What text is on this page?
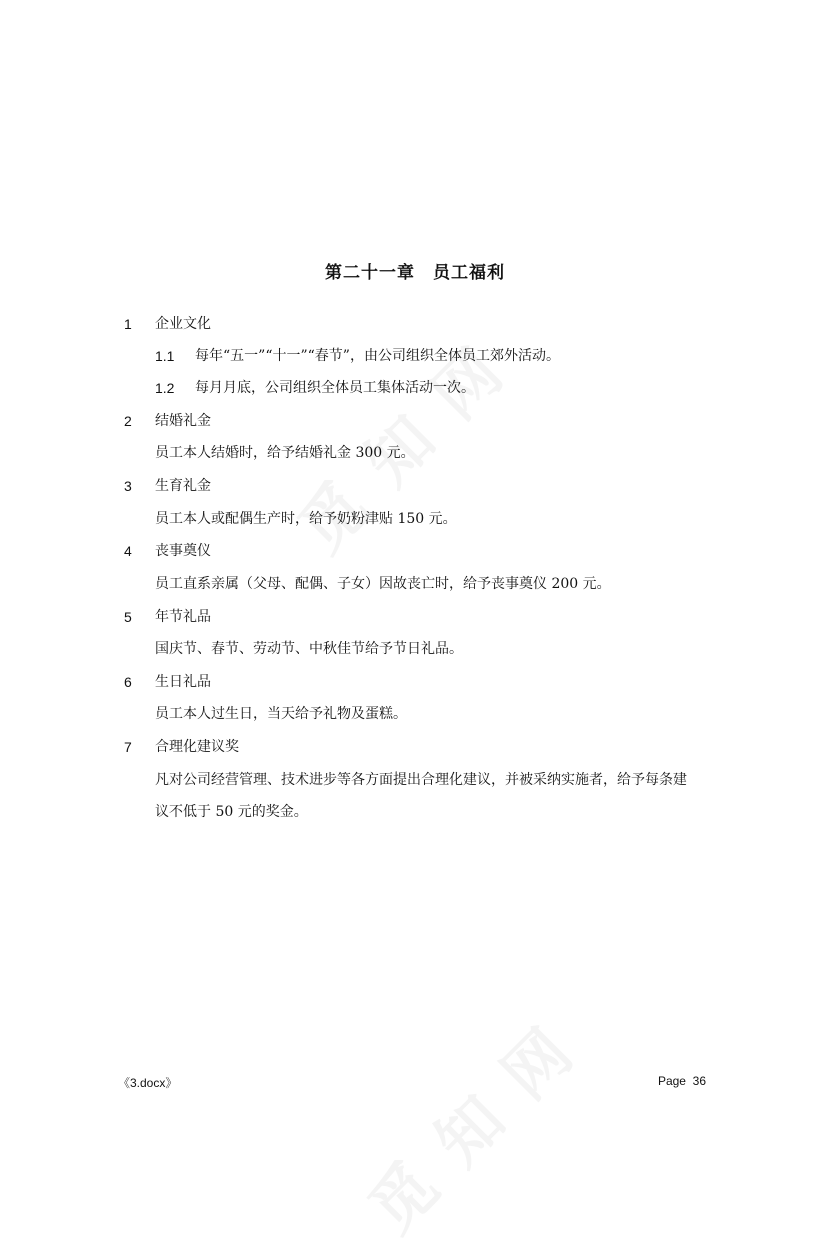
第二十一章　员工福利
1 企业文化
1.1 每年“五一”“十一”“春节”，由公司组织全体员工郊外活动。
1.2 每月月底，公司组织全体员工集体活动一次。
2 结婚礼金
员工本人结婚时，给予结婚礼金 300 元。
3 生育礼金
员工本人或配偶生产时，给予奶粉津贴 150 元。
4 丧事奠仪
员工直系亲属（父母、配偶、子女）因故丧亡时，给予丧事奠仪 200 元。
5 年节礼品
国庆节、春节、劳动节、中秋佳节给予节日礼品。
6 生日礼品
员工本人过生日，当天给予礼物及蛋糕。
7 合理化建议奖
凡对公司经营管理、技术进步等各方面提出合理化建议，并被采纳实施者，给予每条建
议不低于 50 元的奖金。
《3.docx》	Page  36
